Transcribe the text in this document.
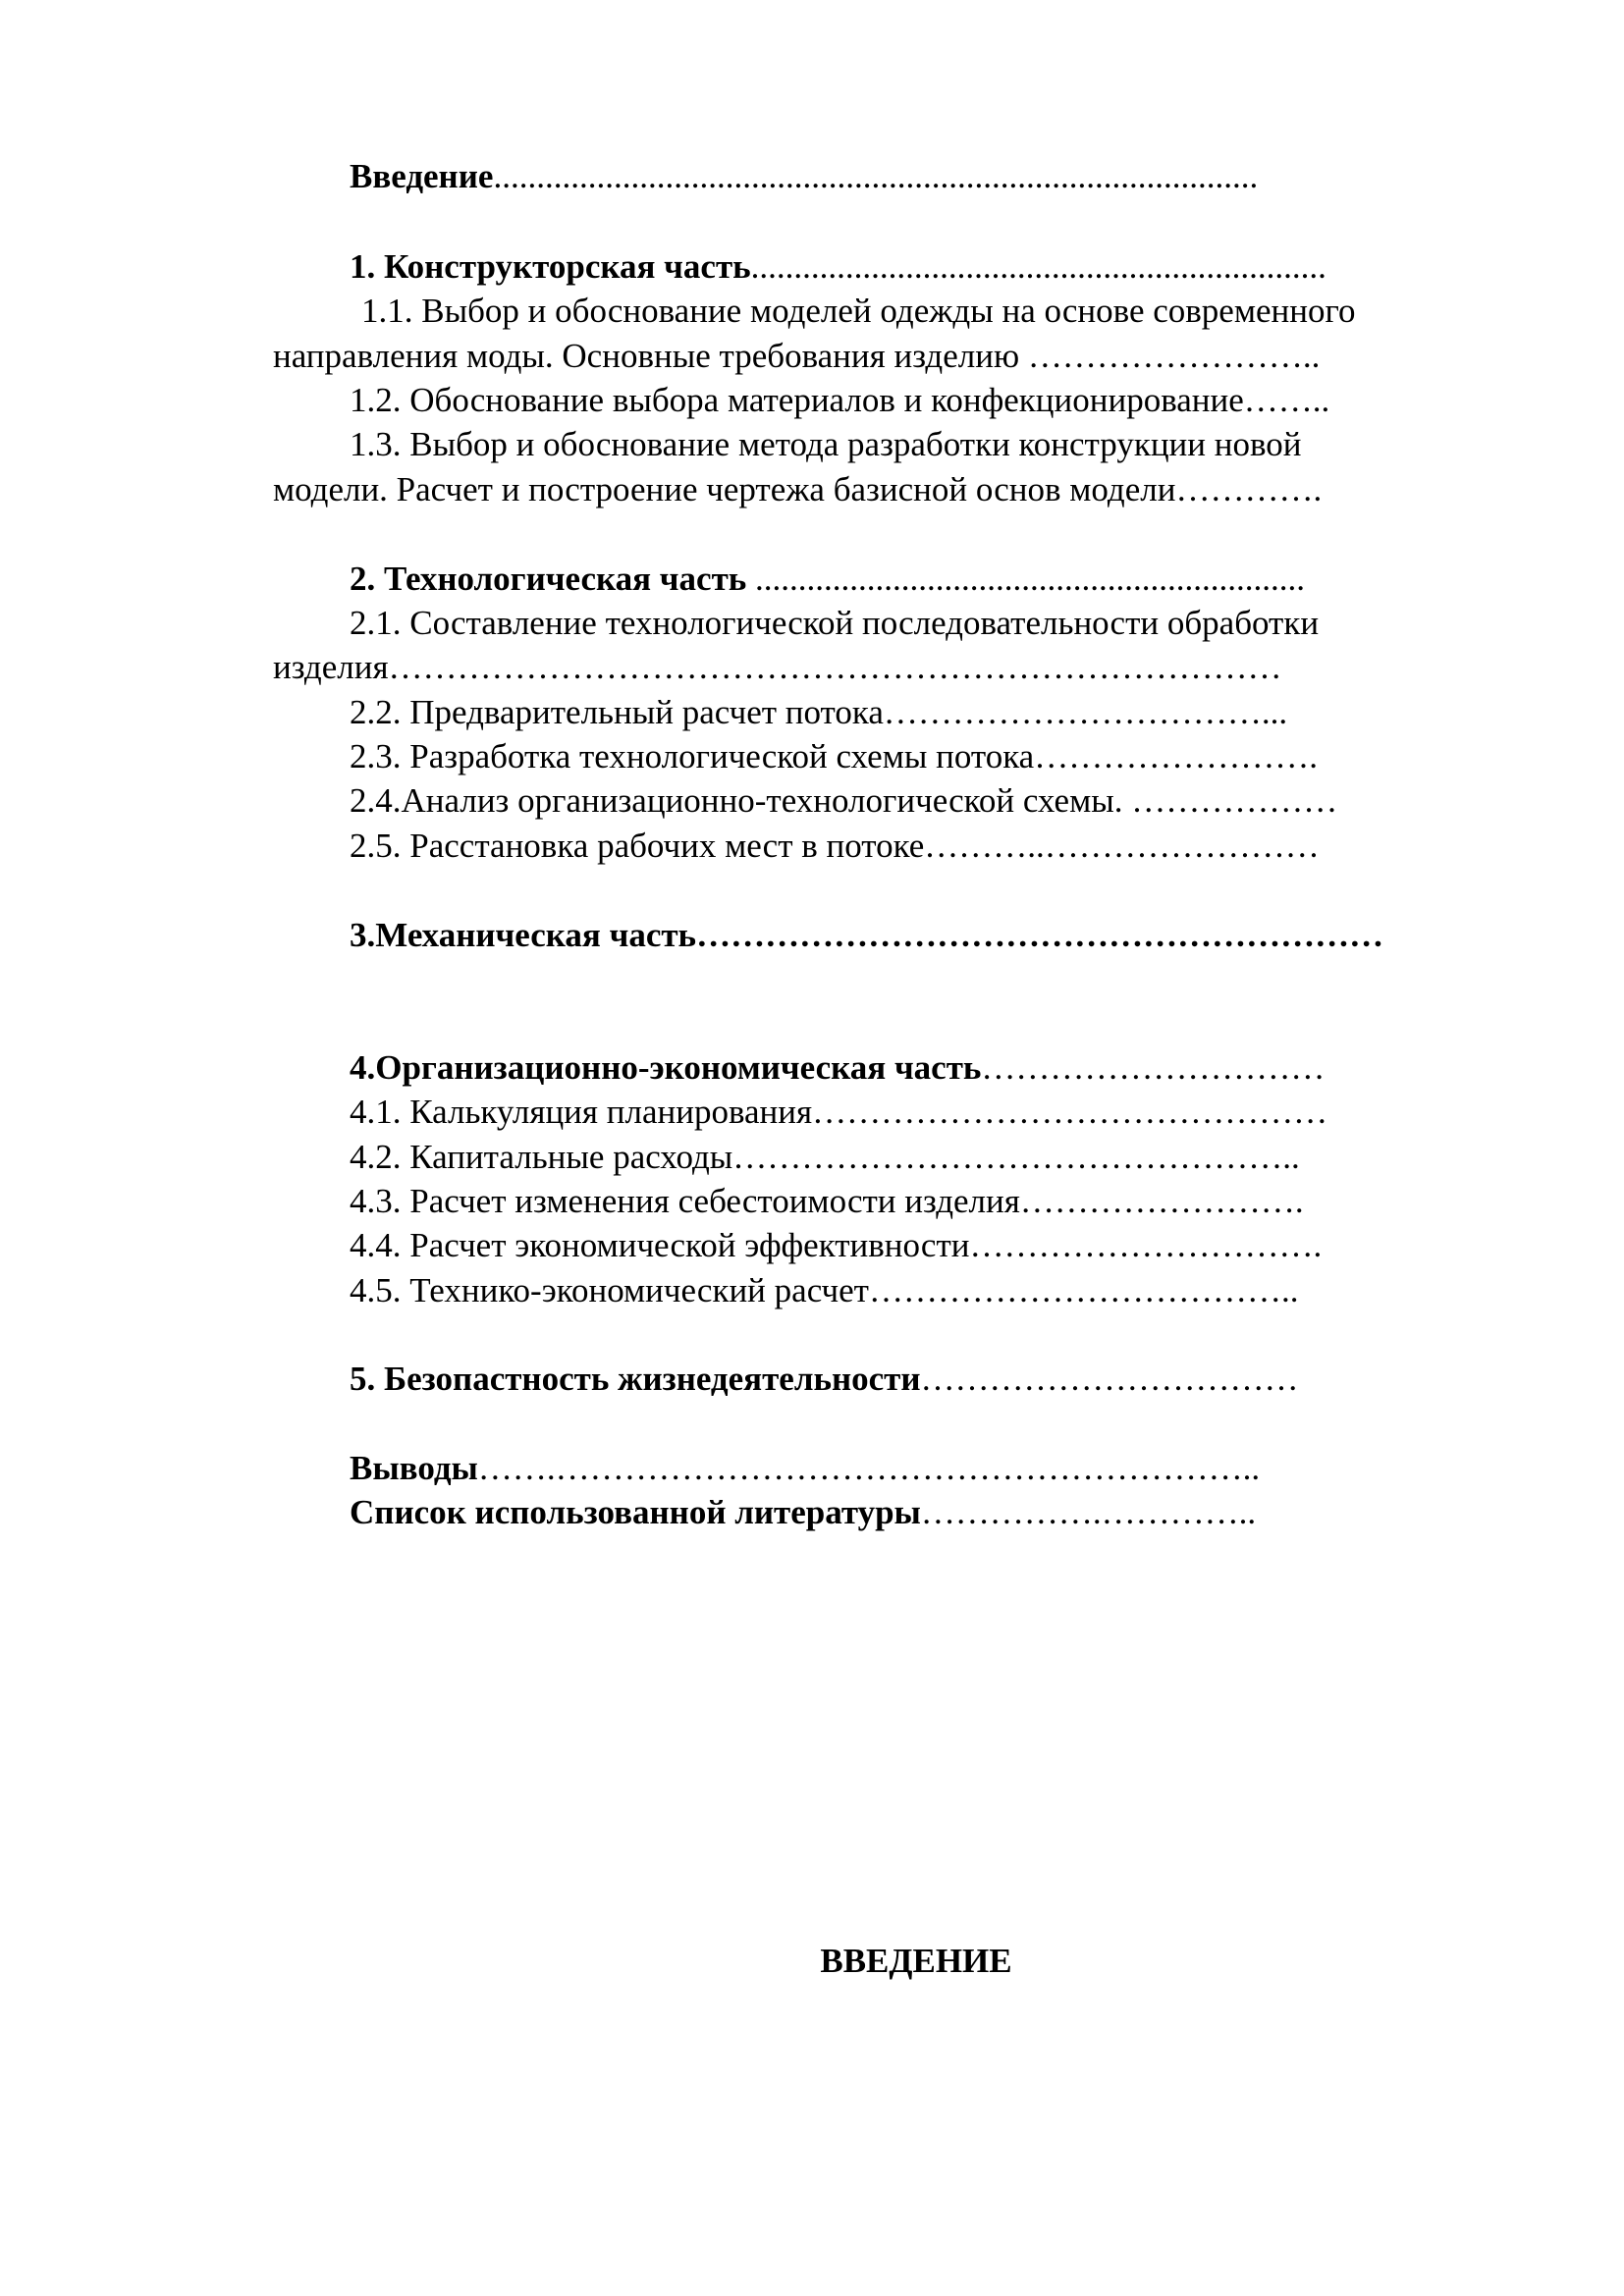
Введение.........................................................................................
1. Конструкторская часть...................................................................
1.1. Выбор и обоснование моделей одежды на основе современного
направления моды. Основные требования изделию ……………………..
1.2. Обоснование выбора материалов и конфекционирование……..
1.3. Выбор и обоснование метода разработки конструкции новой
модели. Расчет и построение чертежа базисной основ модели………….
2. Технологическая часть ................................................................
2.1. Составление технологической последовательности обработки
изделия……………………………………………………………………
2.2. Предварительный расчет потока……………………………...
2.3. Разработка технологической схемы потока…………………….
2.4.Анализ организационно-технологической схемы. ………………
2.5. Расстановка рабочих мест в потоке………..……………………
3.Механическая часть……………………………………………………
4.Организационно-экономическая часть…………………………
4.1. Калькуляция планирования………………………………………
4.2. Капитальные расходы…………………………………………..
4.3. Расчет изменения себестоимости изделия…………………….
4.4. Расчет экономической эффективности………………………….
4.5. Технико-экономический расчет………………………………..
5. Безопастность жизнедеятельности……………………………
Выводы…….……………………………………………………..
Список использованной литературы…………….…………..
ВВЕДЕНИЕ
